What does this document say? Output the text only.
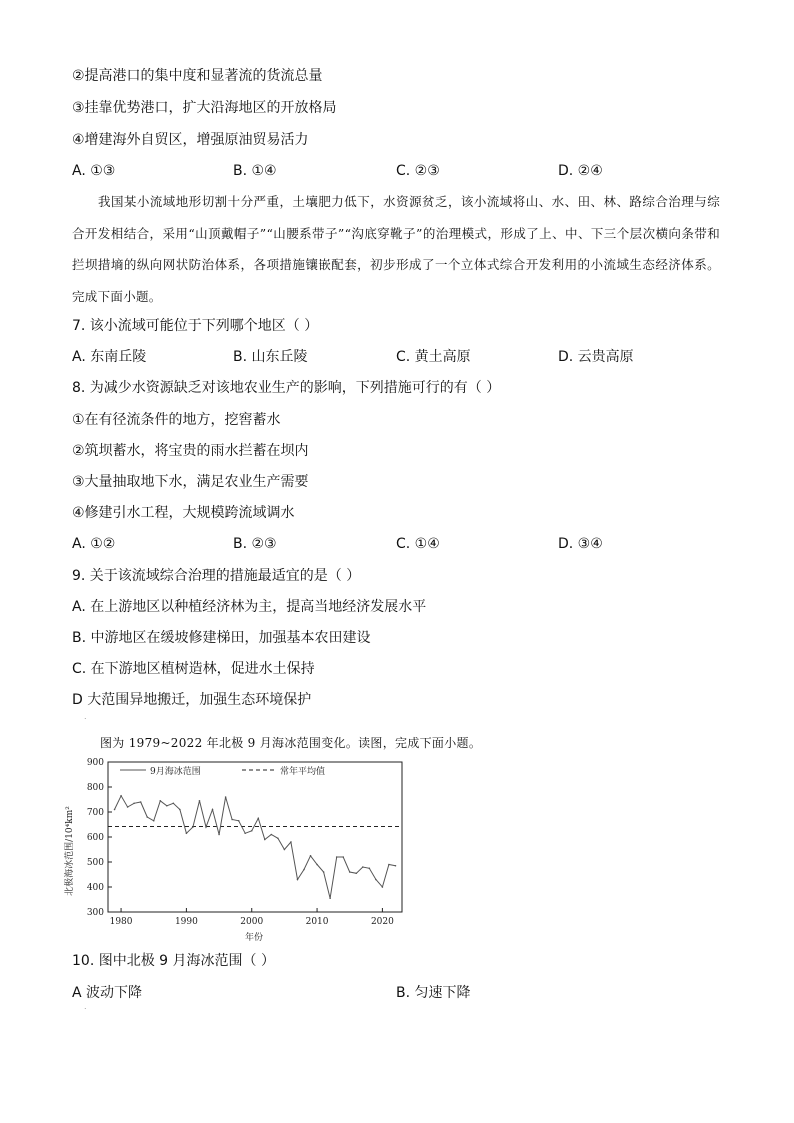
②提高港口的集中度和显著流的货流总量
③挂靠优势港口，扩大沿海地区的开放格局
④增建海外自贸区，增强原油贸易活力
A. ①③	B. ①④	C. ②③	D. ②④
我国某小流域地形切割十分严重，土壤肥力低下，水资源贫乏，该小流域将山、水、田、林、路综合治理与综合开发相结合，采用“山顶戴帽子”“山腰系带子”“沟底穿靴子”的治理模式，形成了上、中、下三个层次横向条带和拦坝措墒的纵向网状防治体系，各项措施镶嵌配套，初步形成了一个立体式综合开发利用的小流域生态经济体系。完成下面小题。
7. 该小流域可能位于下列哪个地区（ ）
A. 东南丘陵	B. 山东丘陵	C. 黄土高原	D. 云贵高原
8. 为减少水资源缺乏对该地农业生产的影响，下列措施可行的有（ ）
①在有径流条件的地方，挖窖蓄水
②筑坝蓄水，将宝贵的雨水拦蓄在坝内
③大量抽取地下水，满足农业生产需要
④修建引水工程，大规模跨流域调水
A. ①②	B. ②③	C. ①④	D. ③④
9. 关于该流域综合治理的措施最适宜的是（ ）
A. 在上游地区以种植经济林为主，提高当地经济发展水平
B. 中游地区在缓坡修建梯田，加强基本农田建设
C. 在下游地区植树造林，促进水土保持
D 大范围异地搬迁，加强生态环境保护
.
图为 1979~2022 年北极 9 月海冰范围变化。读图，完成下面小题。
300
400
500
600
700
800
900
1980	1990	2000	2010	2020
9月海冰范围	常年平均值
北极海冰范围/10⁴km²
年份
10. 图中北极 9 月海冰范围（ ）
A 波动下降	B. 匀速下降
.
